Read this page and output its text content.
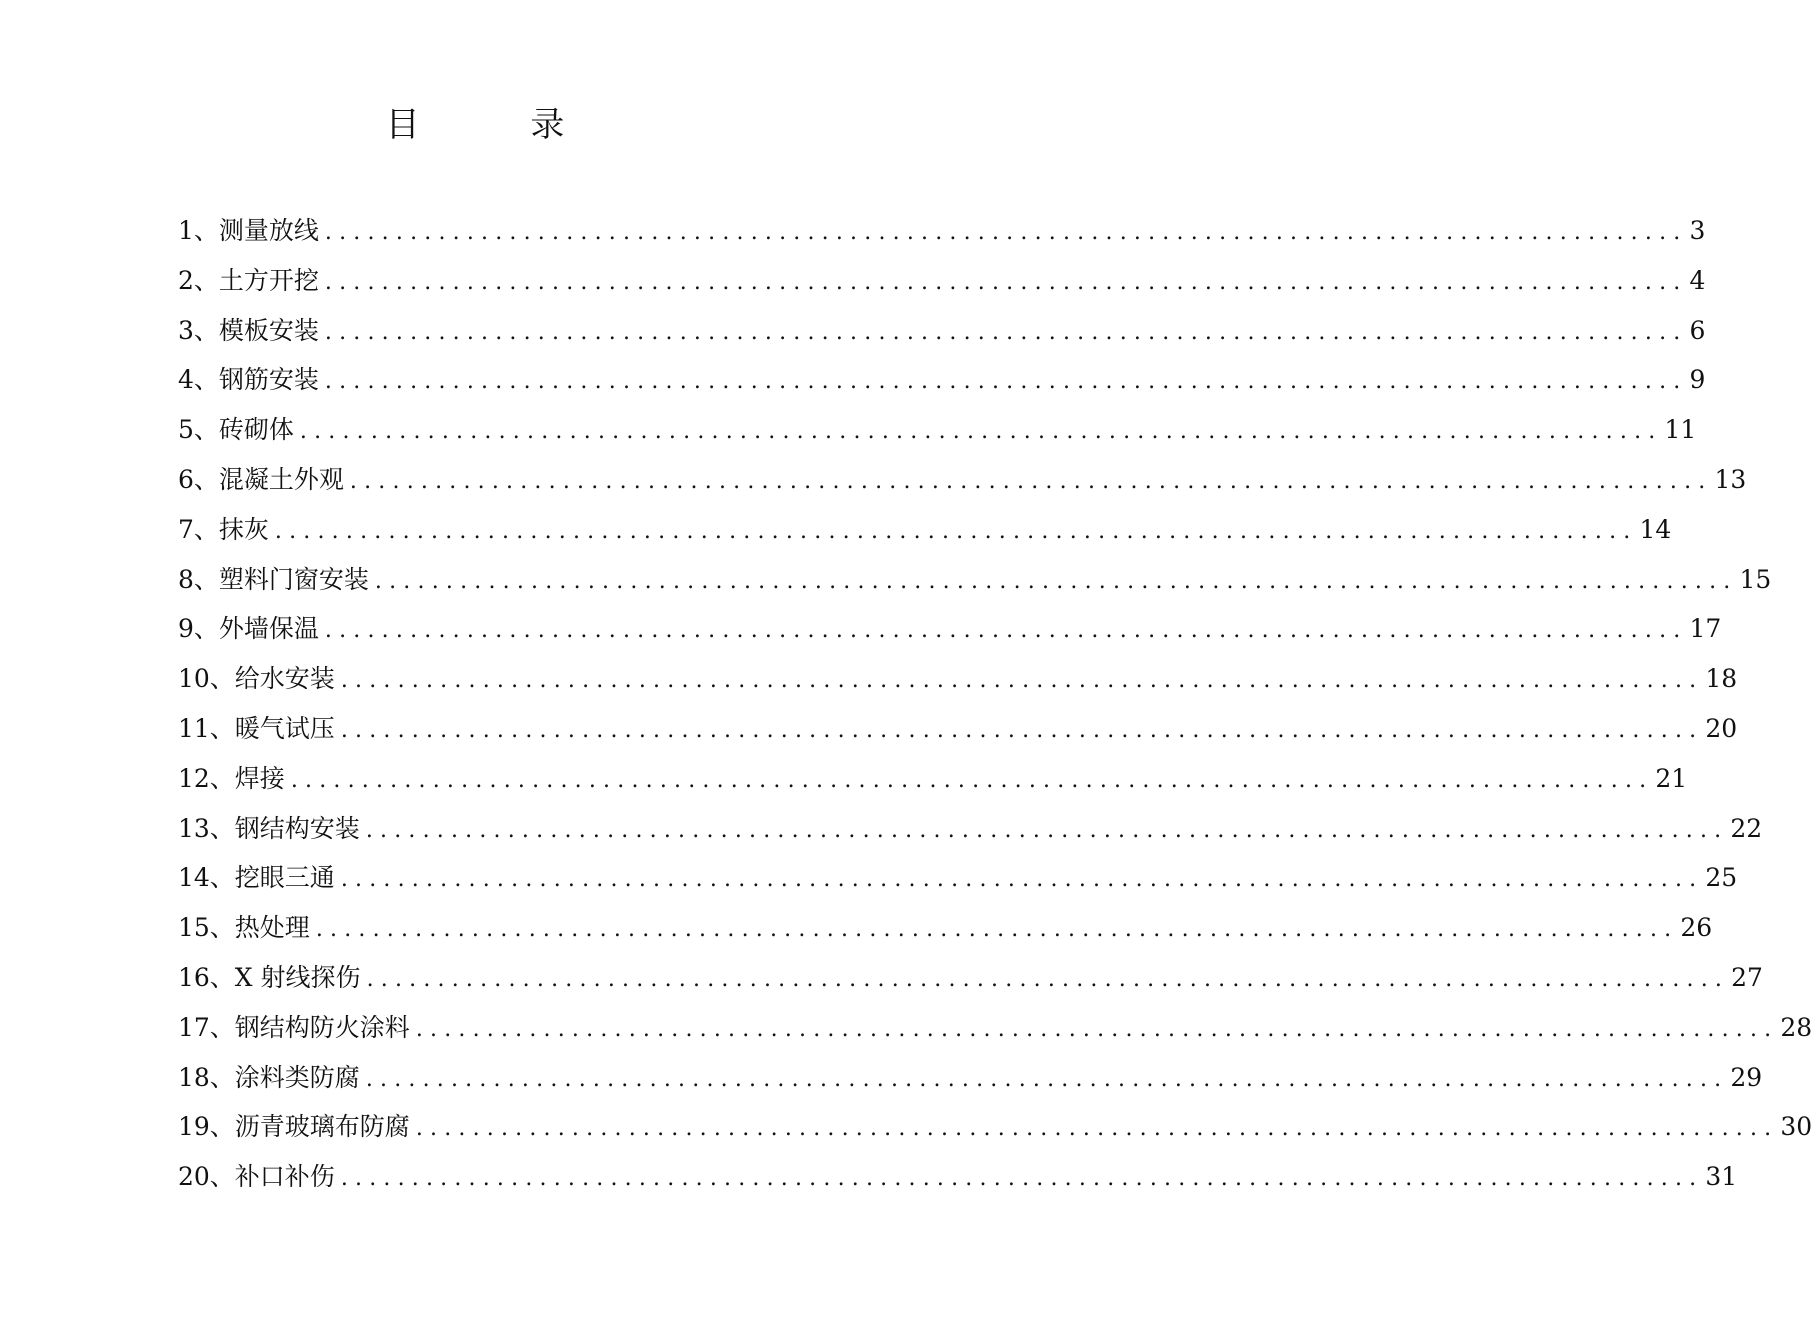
目 录
1、测量放线 ................................................................................................ 3
2、土方开挖 ................................................................................................ 4
3、模板安装 ................................................................................................ 6
4、钢筋安装 ................................................................................................ 9
5、砖砌体 ................................................................................................ 11
6、混凝土外观 ................................................................................................ 13
7、抹灰 ................................................................................................ 14
8、塑料门窗安装 ................................................................................................ 15
9、外墙保温 ................................................................................................ 17
10、给水安装 ................................................................................................ 18
11、暖气试压 ................................................................................................ 20
12、焊接 ................................................................................................ 21
13、钢结构安装 ................................................................................................ 22
14、挖眼三通 ................................................................................................ 25
15、热处理 ................................................................................................ 26
16、X 射线探伤 ................................................................................................ 27
17、钢结构防火涂料 ................................................................................................ 28
18、涂料类防腐 ................................................................................................ 29
19、沥青玻璃布防腐 ................................................................................................ 30
20、补口补伤 ................................................................................................ 31
